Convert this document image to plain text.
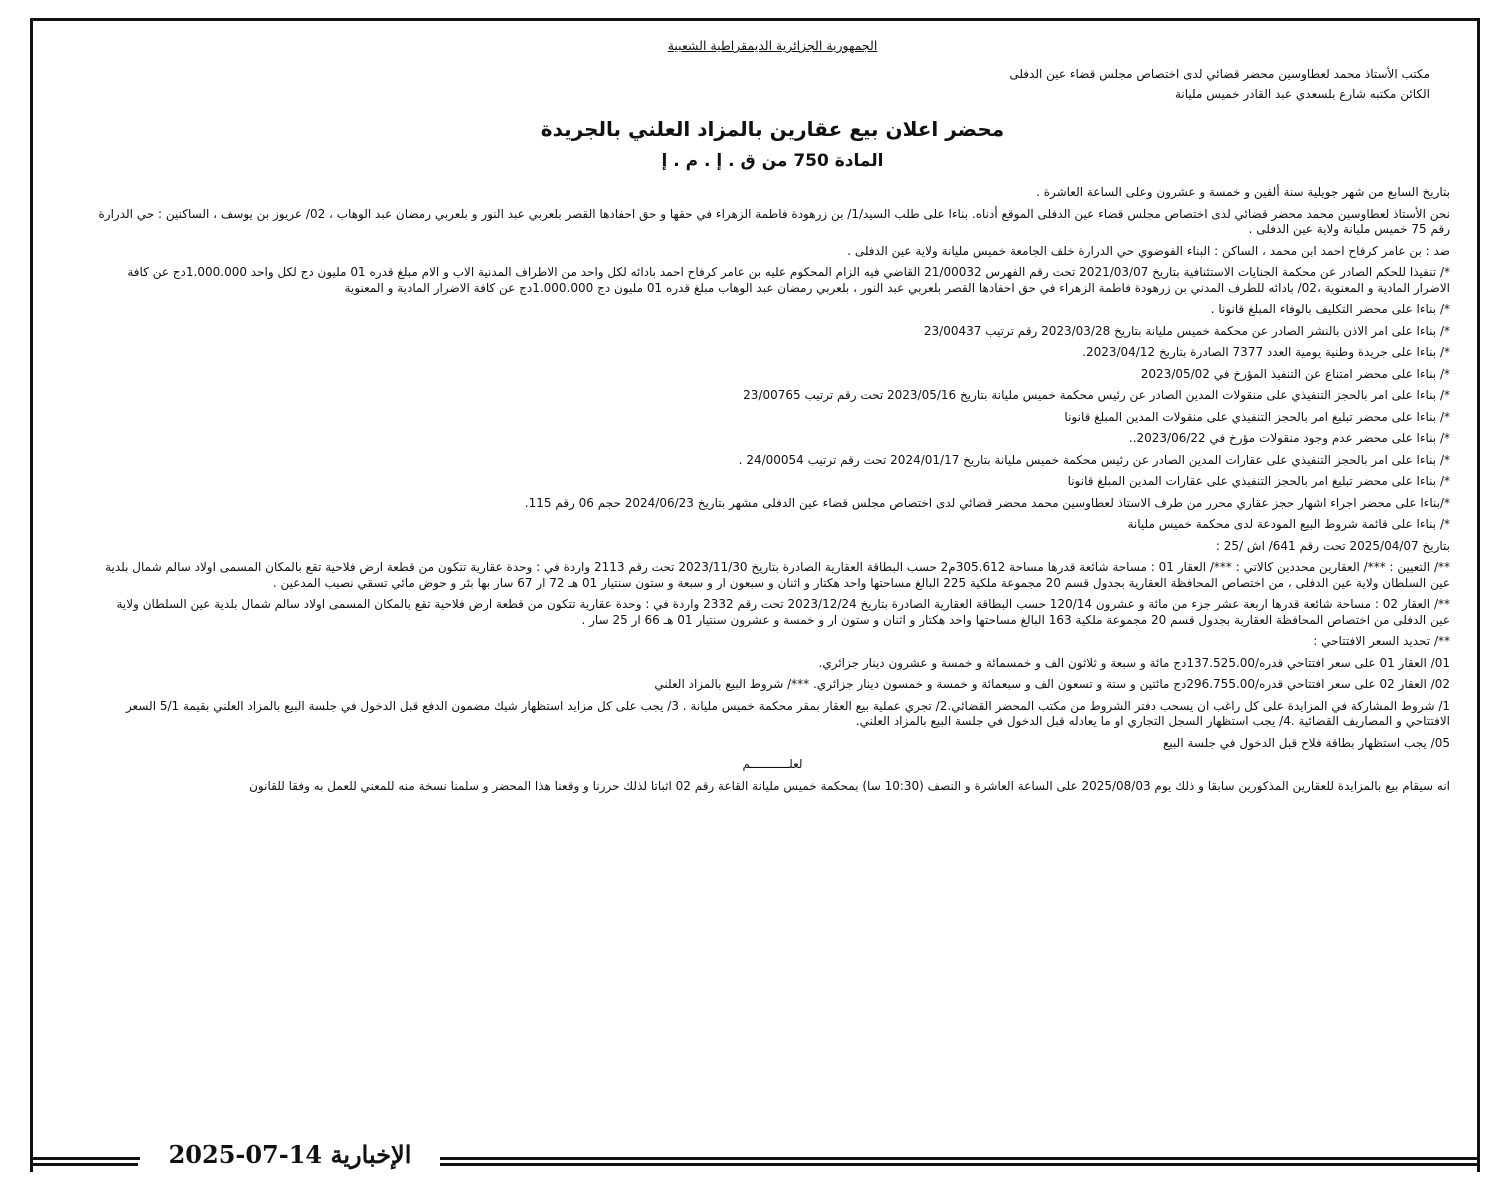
الجمهورية الجزائرية الديمقراطية الشعبية

مكتب الأستاذ محمد لعطاوسين محضر قضائي لدى اختصاص مجلس قضاء عين الدفلى

الكائن مكتبه شارع بلسعدي عبد القادر خميس مليانة

محضر اعلان بيع عقارين بالمزاد العلني بالجريدة

المادة 750 من ق . إ . م . إ

بتاريخ السابع من شهر جويلية سنة ألفين و خمسة و عشرون وعلى الساعة العاشرة .

نحن الأستاذ لعطاوسين محمد محضر قضائي لدى اختصاص مجلس قضاء عين الدفلى الموقع أدناه. بناءا على طلب السيد/1/ بن زرهودة فاطمة الزهراء في حقها و حق احفادها القصر بلعربي عبد النور و بلعربي رمضان عبد الوهاب ، 02/ عريوز بن يوسف ، الساكنين : حي الدرارة رقم 75 خميس مليانة ولاية عين الدفلى .

ضد : بن عامر كرفاح احمد ابن محمد ، الساكن : البناء الفوضوي حي الدرارة خلف الجامعة خميس مليانة ولاية عين الدفلى .

*/ تنفيذا للحكم الصادر عن محكمة الجنايات الاستئنافية بتاريخ 2021/03/07 تحت رقم الفهرس 21/00032 القاضي فيه الزام المحكوم عليه بن عامر كرفاح احمد بادائه لكل واحد من الاطراف المدنية الاب و الام مبلغ قدره 01 مليون دج لكل واحد 1.000.000دج عن كافة الاضرار المادية و المعنوية ،02/ بادائه للطرف المدني بن زرهودة فاطمة الزهراء في حق احفادها القصر بلعربي عبد النور ، بلعربي رمضان عبد الوهاب مبلغ قدره 01 مليون دج 1.000.000دج عن كافة الاضرار المادية و المعنوية

*/ بناءا على محضر التكليف بالوفاء المبلغ قانونا .

*/ بناءا على امر الاذن بالنشر الصادر عن محكمة خميس مليانة بتاريخ 2023/03/28 رقم ترتيب 23/00437

*/ بناءا على جريدة وطنية يومية العدد 7377 الصادرة بتاريخ 2023/04/12.

*/ بناءا على محضر امتناع عن التنفيذ المؤرخ في 2023/05/02

*/ بناءا على امر بالحجز التنفيذي على منقولات المدين الصادر عن رئيس محكمة خميس مليانة بتاريخ 2023/05/16 تحت رقم ترتيب 23/00765

*/ بناءا على محضر تبليغ امر بالحجز التنفيذي على منقولات المدين المبلغ قانونا

*/ بناءا على محضر عدم وجود منقولات مؤرخ في 2023/06/22..

*/ بناءا على امر بالحجز التنفيذي على عقارات المدين الصادر عن رئيس محكمة خميس مليانة بتاريخ 2024/01/17 تحت رقم ترتيب 24/00054 .

*/ بناءا على محضر تبليغ امر بالحجز التنفيذي على عقارات المدين المبلغ قانونا

*/بناءا على محضر اجراء اشهار حجز عقاري محرر من طرف الاستاذ لعطاوسين محمد محضر قضائي لدى اختصاص مجلس قضاء عين الدفلى مشهر بتاريخ 2024/06/23 حجم 06 رقم 115.

*/ بناءا على قائمة شروط البيع المودعة لدى محكمة خميس مليانة

بتاريخ 2025/04/07 تحت رقم 641/ اش /25 :

**/ التعيين : ***/ العقارين محددين كالاتي : ***/ العقار 01 : مساحة شائعة قدرها مساحة 305.612م2 حسب البطاقة العقارية الصادرة بتاريخ 2023/11/30 تحت رقم 2113 واردة في : وحدة عقارية تتكون من قطعة ارض فلاحية تقع بالمكان المسمى اولاد سالم شمال بلدية عين السلطان ولاية عين الدفلى ، من اختصاص المحافظة العقارية بجدول قسم 20 مجموعة ملكية 225 البالغ مساحتها واحد هكتار و اثنان و سبعون ار و سبعة و ستون سنتيار 01 هـ 72 ار 67 سار بها بئر و حوض مائي تسقي نصيب المدعين .

**/ العقار 02 : مساحة شائعة قدرها اربعة عشر جزء من مائة و عشرون 120/14 حسب البطاقة العقارية الصادرة بتاريخ 2023/12/24 تحت رقم 2332 واردة في : وحدة عقارية تتكون من قطعة ارض فلاحية تقع بالمكان المسمى اولاد سالم شمال بلدية عين السلطان ولاية عين الدفلى من اختصاص المحافظة العقارية بجدول قسم 20 مجموعة ملكية 163 البالغ مساحتها واحد هكتار و اثنان و ستون ار و خمسة و عشرون سنتيار 01 هـ 66 ار 25 سار .

**/ تحديد السعر الافتتاحي :

01/ العقار 01 على سعر افتتاحي قدره/137.525.00دج مائة و سبعة و ثلاثون الف و خمسمائة و خمسة و عشرون دينار جزائري.

02/ العقار 02 على سعر افتتاحي قدره/296.755.00دج مائتين و ستة و تسعون الف و سبعمائة و خمسة و خمسون دينار جزائري. ***/ شروط البيع بالمزاد العلني

1/ شروط المشاركة في المزايدة على كل راغب ان يسحب دفتر الشروط من مكتب المحضر القضائي.2/ تجري عملية بيع العقار بمقر محكمة خميس مليانة . 3/ يجب على كل مزايد استظهار شيك مضمون الدفع قبل الدخول في جلسة البيع بالمزاد العلني بقيمة 5/1 السعر الافتتاحي و المصاريف القضائية .4/ يجب استظهار السجل التجاري او ما يعادله قبل الدخول في جلسة البيع بالمزاد العلني.

05/ يجب استظهار بطاقة فلاح قبل الدخول في جلسة البيع

لعلـــــــــــم

انه سيقام بيع بالمزايدة للعقارين المذكورين سابقا و ذلك يوم 2025/08/03 على الساعة العاشرة و النصف (10:30 سا) بمحكمة خميس مليانة القاعة رقم 02 اثباتا لذلك حررنا و وقعنا هذا المحضر و سلمنا نسخة منه للمعني للعمل به وفقا للقانون

الإخبارية 14-07-2025
